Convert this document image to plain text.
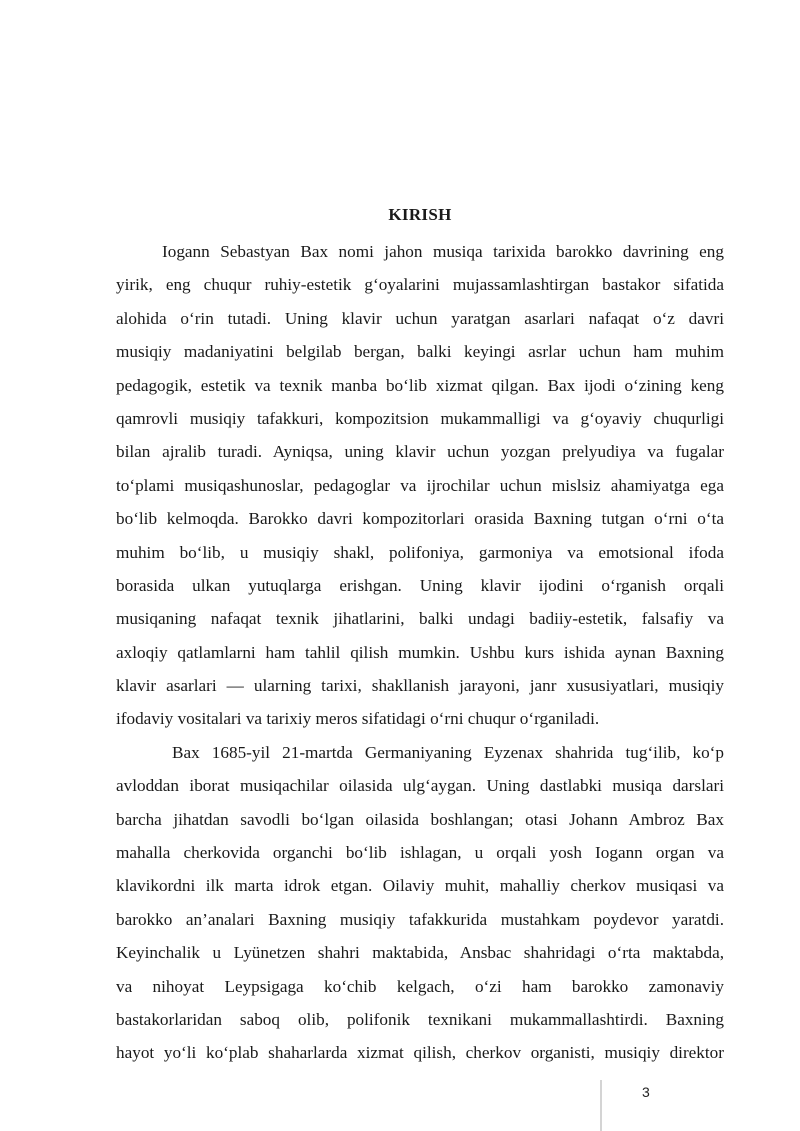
KIRISH
Iogann Sebastyan Bax nomi jahon musiqa tarixida barokko davrining eng
yirik, eng chuqur ruhiy-estetik g‘oyalarini mujassamlashtirgan bastakor sifatida
alohida o‘rin tutadi. Uning klavir uchun yaratgan asarlari nafaqat o‘z davri
musiqiy madaniyatini belgilab bergan, balki keyingi asrlar uchun ham muhim
pedagogik, estetik va texnik manba bo‘lib xizmat qilgan. Bax ijodi o‘zining keng
qamrovli musiqiy tafakkuri, kompozitsion mukammalligi va g‘oyaviy chuqurligi
bilan ajralib turadi. Ayniqsa, uning klavir uchun yozgan prelyudiya va fugalar
to‘plami musiqashunoslar, pedagoglar va ijrochilar uchun mislsiz ahamiyatga ega
bo‘lib kelmoqda. Barokko davri kompozitorlari orasida Baxning tutgan o‘rni o‘ta
muhim bo‘lib, u musiqiy shakl, polifoniya, garmoniya va emotsional ifoda
borasida ulkan yutuqlarga erishgan. Uning klavir ijodini o‘rganish orqali
musiqaning nafaqat texnik jihatlarini, balki undagi badiiy-estetik, falsafiy va
axloqiy qatlamlarni ham tahlil qilish mumkin. Ushbu kurs ishida aynan Baxning
klavir asarlari — ularning tarixi, shakllanish jarayoni, janr xususiyatlari, musiqiy
ifodaviy vositalari va tarixiy meros sifatidagi o‘rni chuqur o‘rganiladi.
Bax 1685-yil 21-martda Germaniyaning Eyzenax shahrida tug‘ilib, ko‘p
avloddan iborat musiqachilar oilasida ulg‘aygan. Uning dastlabki musiqa darslari
barcha jihatdan savodli bo‘lgan oilasida boshlangan; otasi Johann Ambroz Bax
mahalla cherkovida organchi bo‘lib ishlagan, u orqali yosh Iogann organ va
klavikordni ilk marta idrok etgan. Oilaviy muhit, mahalliy cherkov musiqasi va
barokko an’analari Baxning musiqiy tafakkurida mustahkam poydevor yaratdi.
Keyinchalik u Lyünetzen shahri maktabida, Ansbac shahridagi o‘rta maktabda,
va nihoyat Leypsigaga ko‘chib kelgach, o‘zi ham barokko zamonaviy
bastakorlaridan saboq olib, polifonik texnikani mukammallashtirdi. Baxning
hayot yo‘li ko‘plab shaharlarda xizmat qilish, cherkov organisti, musiqiy direktor
3
